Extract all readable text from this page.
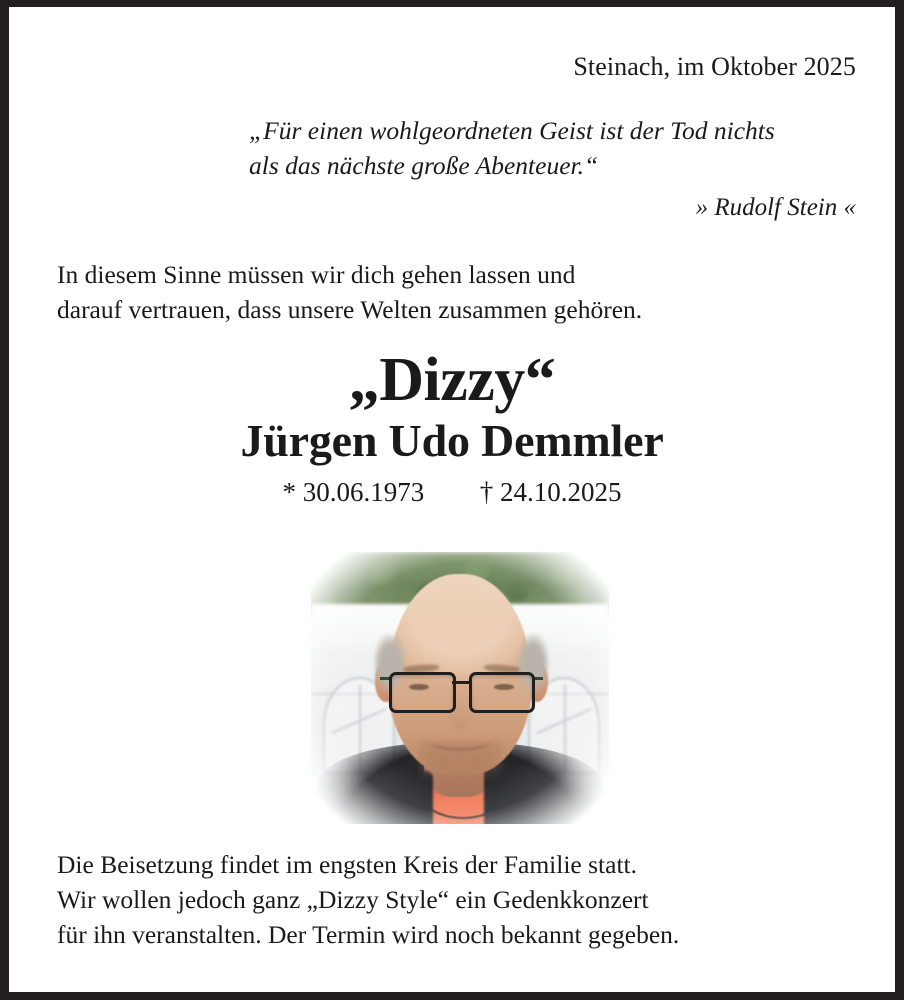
Steinach, im Oktober 2025
„Für einen wohlgeordneten Geist ist der Tod nichts
als das nächste große Abenteuer.“
» Rudolf Stein «
In diesem Sinne müssen wir dich gehen lassen und
darauf vertrauen, dass unsere Welten zusammen gehören.
„Dizzy“
Jürgen Udo Demmler
* 30.06.1973 † 24.10.2025
Die Beisetzung findet im engsten Kreis der Familie statt.
Wir wollen jedoch ganz „Dizzy Style“ ein Gedenkkonzert
für ihn veranstalten. Der Termin wird noch bekannt gegeben.
